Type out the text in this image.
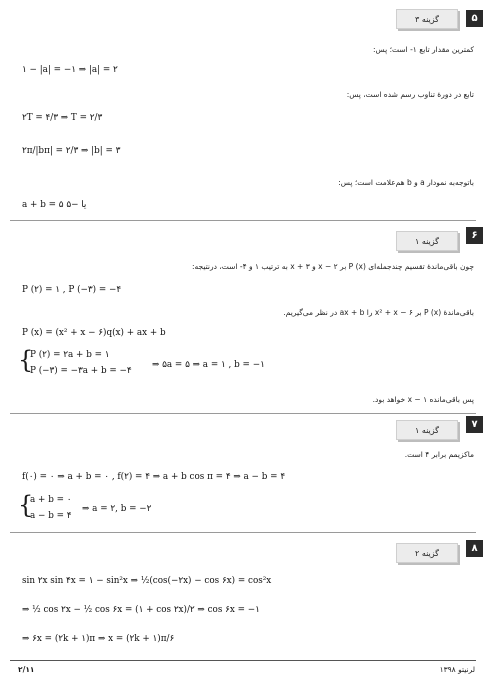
۵
گزینه ۳
کمترین مقدار تابع ۱- است؛ پس:
۱ − |a| = −۱ ⇒ |a| = ۲
تابع در دورهٔ تناوب رسم شده است، پس:
۲T = ۴/۳ ⇒ T = ۲/۳
۲π/|bπ| = ۲/۳ ⇒ |b| = ۳
باتوجه‌به نمودار a و b هم‌علامت است؛ پس:
a + b = ۵ یا −۵
۶
گزینه ۱
چون باقی‌ماندهٔ تقسیم چندجمله‌ای P (x) بر x − ۲ و x + ۳ به ترتیب ۱ و ۴- است، درنتیجه:
P (۲) = ۱ , P (−۳) = −۴
باقی‌ماندهٔ P (x) بر x² + x − ۶ را ax + b در نظر می‌گیریم.
P (x) = (x² + x − ۶)q(x) + ax + b
{
P (۲) = ۲a + b = ۱
P (−۳) = −۳a + b = −۴
⇒ ۵a = ۵ ⇒ a = ۱ , b = −۱
پس باقی‌مانده x − ۱ خواهد بود.
۷
گزینه ۱
ماکزیمم برابر ۴ است.
f(۰) = ۰ ⇒ a + b = ۰ , f(۲) = ۴ ⇒ a + b cos π = ۴ ⇒ a − b = ۴
{
a + b = ۰
a − b = ۴
⇒ a = ۲, b = −۲
۸
گزینه ۲
sin ۲x sin ۴x = ۱ − sin²x ⇒ ½(cos(−۲x) − cos ۶x) = cos²x
⇒ ½ cos ۲x − ½ cos ۶x = (۱ + cos ۲x)/۲ ⇒ cos ۶x = −۱
⇒ ۶x = (۲k + ۱)π ⇒ x = (۲k + ۱)π/۶
لرنیتو ۱۳۹۸
۲/۱۱
